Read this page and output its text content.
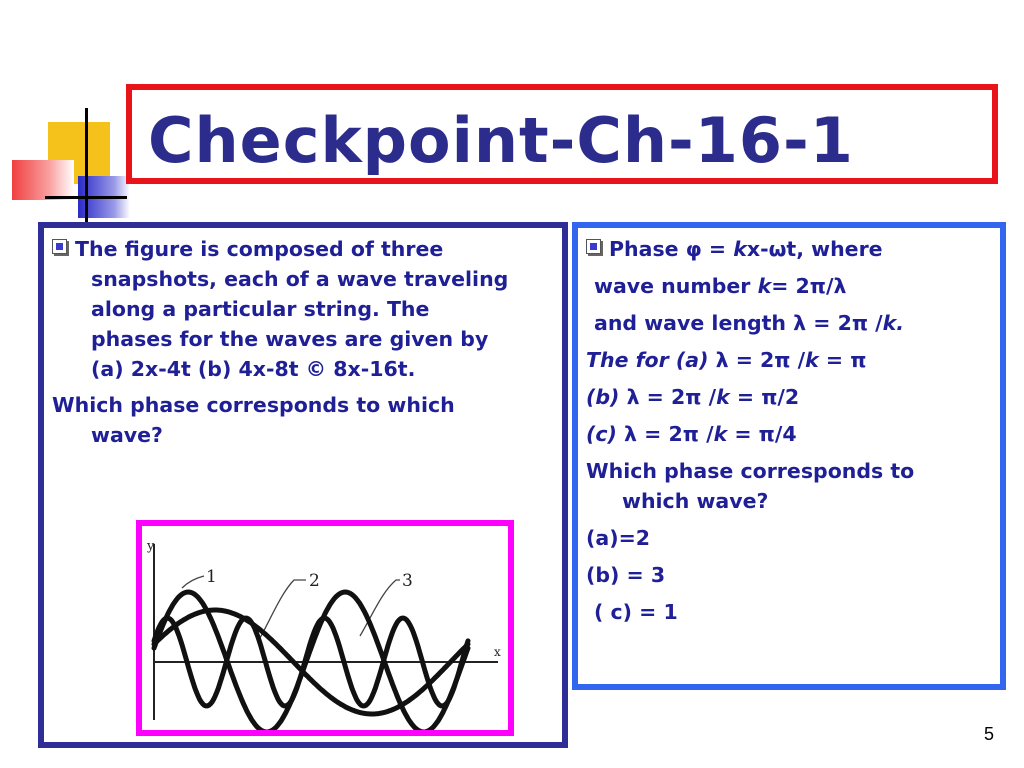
Checkpoint-Ch-16-1
The figure is composed of three
snapshots, each of a wave traveling
along a particular string. The
phases for the waves are given by
(a) 2x-4t (b) 4x-8t © 8x-16t.
Which phase corresponds to which
wave?
y
x
1	2	3
Phase φ = kx-ωt, where
wave number k= 2π/λ
and wave length λ = 2π /k.
The for (a) λ = 2π /k = π
(b) λ = 2π /k = π/2
(c) λ = 2π /k = π/4
Which phase corresponds to
which wave?
(a)=2
(b) = 3
( c) = 1
5
